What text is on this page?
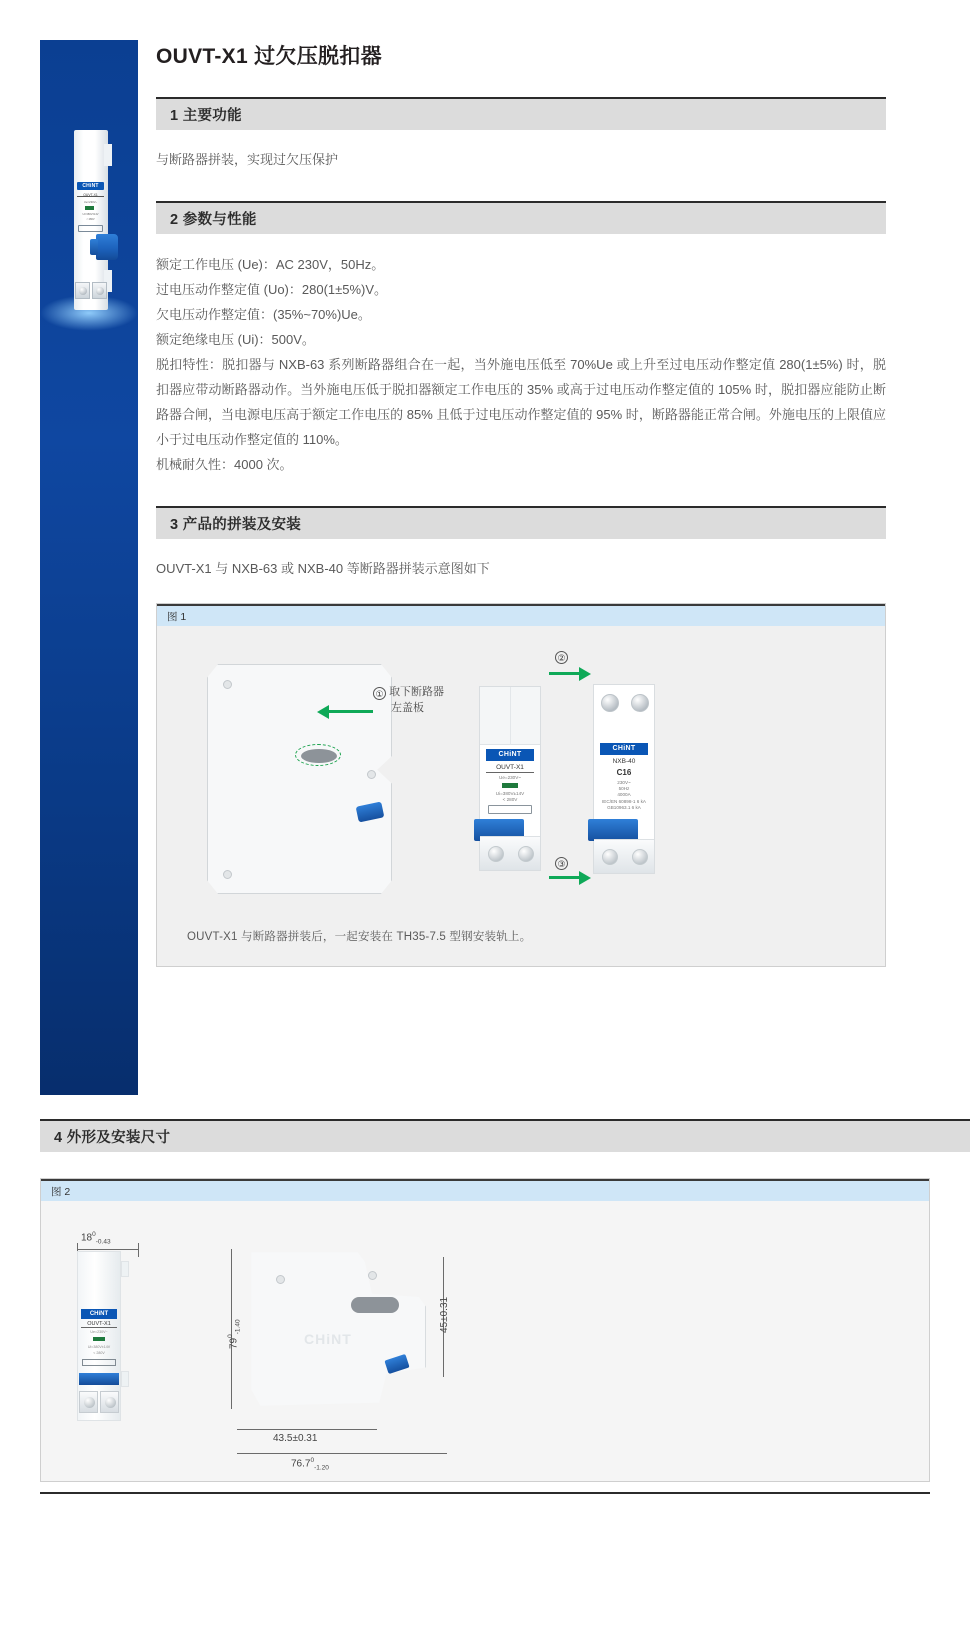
CHiNT
OUVT-X1
Ue=230V~
Ui=380V±14V
< 280V
OUVT-X1 过欠压脱扣器
1 主要功能

与断路器拼装，实现过欠压保护

2 参数与性能

额定工作电压 (Ue)：AC 230V，50Hz。

过电压动作整定值 (Uo)：280(1±5%)V。

欠电压动作整定值：(35%~70%)Ue。

额定绝缘电压 (Ui)：500V。

脱扣特性：脱扣器与 NXB-63 系列断路器组合在一起，当外施电压低至 70%Ue 或上升至过电压动作整定值 280(1±5%) 时，脱扣器应带动断路器动作。当外施电压低于脱扣器额定工作电压的 35% 或高于过电压动作整定值的 105% 时，脱扣器应能防止断路器合闸，当电源电压高于额定工作电压的 85% 且低于过电压动作整定值的 95% 时，断路器能正常合闸。外施电压的上限值应小于过电压动作整定值的 110%。

机械耐久性：4000 次。

3 产品的拼装及安装

OUVT-X1 与 NXB-63 或 NXB-40 等断路器拼装示意图如下

图 1
① 取下断路器
左盖板
②
③
CHiNT
OUVT-X1
Ue=230V~
Ui=380V±14V
< 280V
CHiNT
NXB-40
C16
230V~
50Hz
4000A
IEC/EN 60898-1 6 kA
GB10963.1 6 kA
OUVT-X1 与断路器拼装后，一起安装在 TH35-7.5 型钢安装轨上。
4 外形及安装尺寸
图 2
$18^0_{-0.43}$
CHiNT
OUVT-X1
Ue=230V~
Ui=380V±14V
< 280V
$79^0_{-1.40}$
CHiNT
45±0.31
43.5±0.31
$76.7^0_{-1.20}$
